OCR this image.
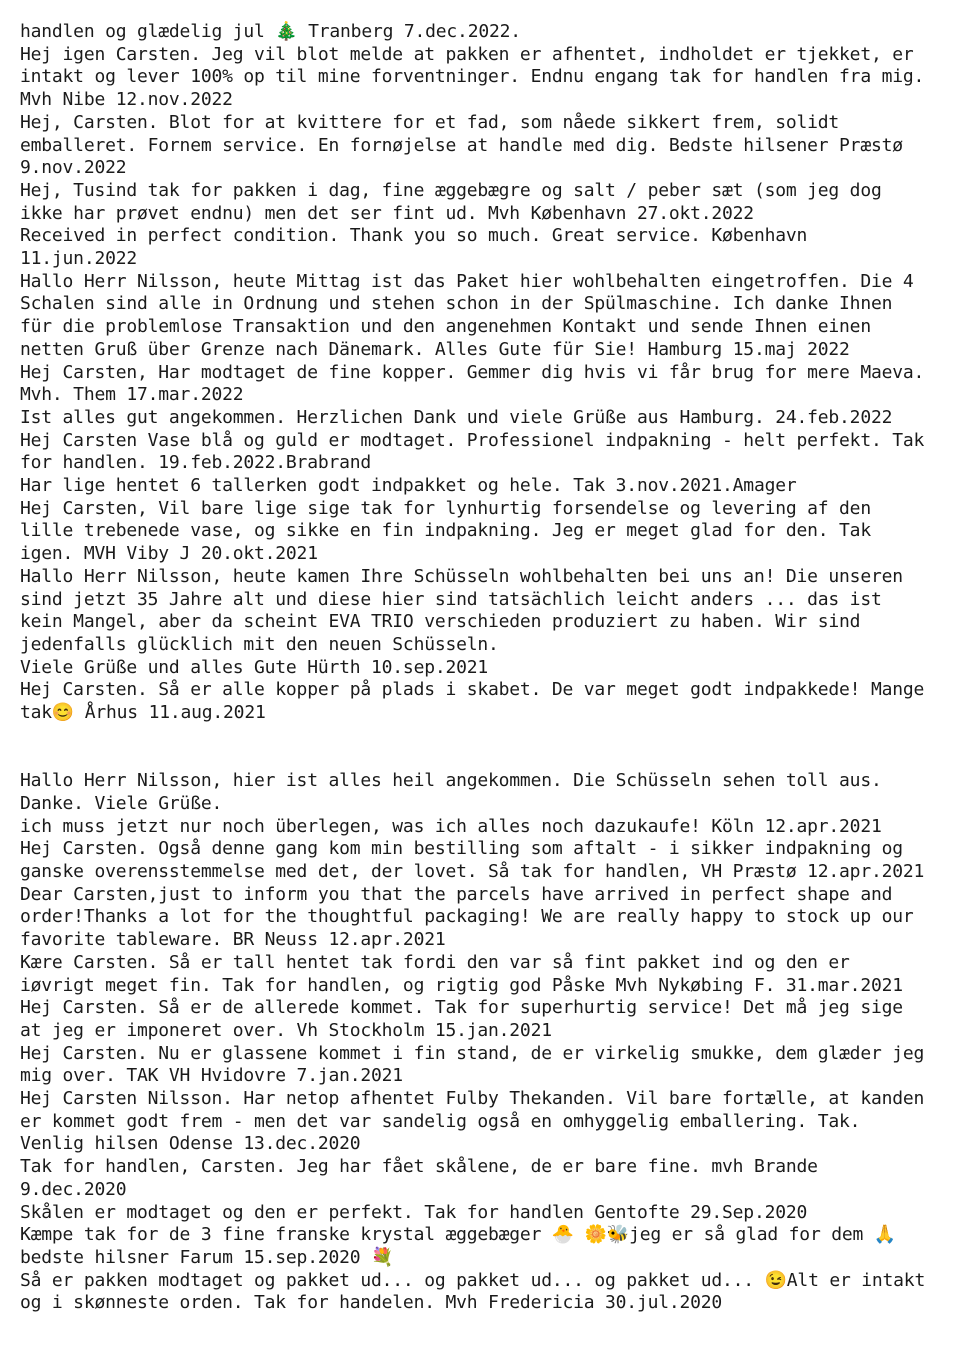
handlen og glædelig jul 🎄 Tranberg 7.dec.2022.
Hej igen Carsten. Jeg vil blot melde at pakken er afhentet, indholdet er tjekket, er
intakt og lever 100% op til mine forventninger. Endnu engang tak for handlen fra mig.
Mvh Nibe 12.nov.2022
Hej, Carsten. Blot for at kvittere for et fad, som nåede sikkert frem, solidt
emballeret. Fornem service. En fornøjelse at handle med dig. Bedste hilsener Præstø
9.nov.2022
Hej, Tusind tak for pakken i dag, fine æggebægre og salt / peber sæt (som jeg dog
ikke har prøvet endnu) men det ser fint ud. Mvh København 27.okt.2022
Received in perfect condition. Thank you so much. Great service. København
11.jun.2022
Hallo Herr Nilsson, heute Mittag ist das Paket hier wohlbehalten eingetroffen. Die 4
Schalen sind alle in Ordnung und stehen schon in der Spülmaschine. Ich danke Ihnen
für die problemlose Transaktion und den angenehmen Kontakt und sende Ihnen einen
netten Gruß über Grenze nach Dänemark. Alles Gute für Sie! Hamburg 15.maj 2022
Hej Carsten, Har modtaget de fine kopper. Gemmer dig hvis vi får brug for mere Maeva.
Mvh. Them 17.mar.2022
Ist alles gut angekommen. Herzlichen Dank und viele Grüße aus Hamburg. 24.feb.2022
Hej Carsten Vase blå og guld er modtaget. Professionel indpakning - helt perfekt. Tak
for handlen. 19.feb.2022.Brabrand
Har lige hentet 6 tallerken godt indpakket og hele. Tak 3.nov.2021.Amager
Hej Carsten, Vil bare lige sige tak for lynhurtig forsendelse og levering af den
lille trebenede vase, og sikke en fin indpakning. Jeg er meget glad for den. Tak
igen. MVH Viby J 20.okt.2021
Hallo Herr Nilsson, heute kamen Ihre Schüsseln wohlbehalten bei uns an! Die unseren
sind jetzt 35 Jahre alt und diese hier sind tatsächlich leicht anders ... das ist
kein Mangel, aber da scheint EVA TRIO verschieden produziert zu haben. Wir sind
jedenfalls glücklich mit den neuen Schüsseln.
Viele Grüße und alles Gute Hürth 10.sep.2021
Hej Carsten. Så er alle kopper på plads i skabet. De var meget godt indpakkede! Mange
tak😊 Århus 11.aug.2021

Hallo Herr Nilsson, hier ist alles heil angekommen. Die Schüsseln sehen toll aus.
Danke. Viele Grüße.
ich muss jetzt nur noch überlegen, was ich alles noch dazukaufe! Köln 12.apr.2021
Hej Carsten. Også denne gang kom min bestilling som aftalt - i sikker indpakning og
ganske overensstemmelse med det, der lovet. Så tak for handlen, VH Præstø 12.apr.2021
Dear Carsten,just to inform you that the parcels have arrived in perfect shape and
order!Thanks a lot for the thoughtful packaging! We are really happy to stock up our
favorite tableware. BR Neuss 12.apr.2021
Kære Carsten. Så er tall hentet tak fordi den var så fint pakket ind og den er
iøvrigt meget fin. Tak for handlen, og rigtig god Påske Mvh Nykøbing F. 31.mar.2021
Hej Carsten. Så er de allerede kommet. Tak for superhurtig service! Det må jeg sige
at jeg er imponeret over. Vh Stockholm 15.jan.2021
Hej Carsten. Nu er glassene kommet i fin stand, de er virkelig smukke, dem glæder jeg
mig over. TAK VH Hvidovre 7.jan.2021
Hej Carsten Nilsson. Har netop afhentet Fulby Thekanden. Vil bare fortælle, at kanden
er kommet godt frem - men det var sandelig også en omhyggelig emballering. Tak.
Venlig hilsen Odense 13.dec.2020
Tak for handlen, Carsten. Jeg har fået skålene, de er bare fine. mvh Brande
9.dec.2020
Skålen er modtaget og den er perfekt. Tak for handlen Gentofte 29.Sep.2020
Kæmpe tak for de 3 fine franske krystal æggebæger 🐣 🌼🐝jeg er så glad for dem 🙏
bedste hilsner Farum 15.sep.2020 💐
Så er pakken modtaget og pakket ud... og pakket ud... og pakket ud... 😉Alt er intakt
og i skønneste orden. Tak for handelen. Mvh Fredericia 30.jul.2020
